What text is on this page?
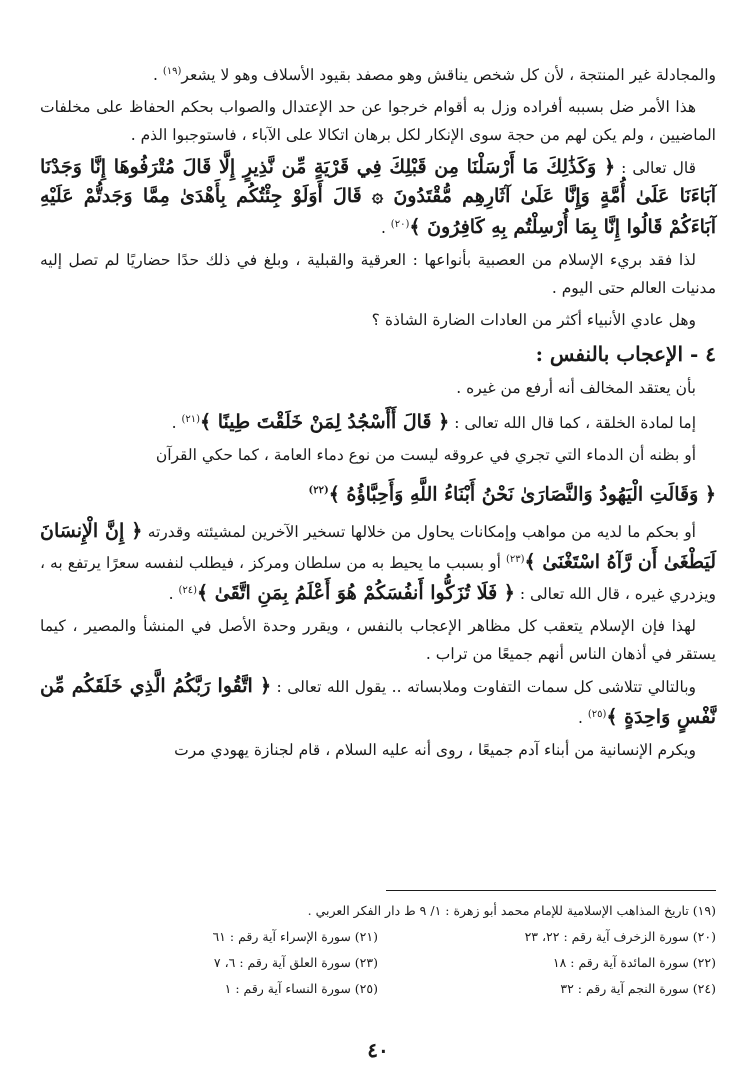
والمجادلة غير المنتجة ، لأن كل شخص يناقش وهو مصفد بقيود الأسلاف وهو لا يشعر$^{(١٩)}$ .

هذا الأمر ضل بسببه أفراده وزل به أقوام خرجوا عن حد الإعتدال والصواب بحكم الحفاظ على مخلفات الماضيين ، ولم يكن لهم من حجة سوى الإنكار لكل برهان اتكالا على الآباء ، فاستوجبوا الذم .

قال تعالى : ﴿ وَكَذَٰلِكَ مَا أَرْسَلْنَا مِن قَبْلِكَ فِي قَرْيَةٍ مِّن نَّذِيرٍ إِلَّا قَالَ مُتْرَفُوهَا إِنَّا وَجَدْنَا آبَاءَنَا عَلَىٰ أُمَّةٍ وَإِنَّا عَلَىٰ آثَارِهِم مُّقْتَدُونَ ۞ قَالَ أَوَلَوْ جِئْتُكُم بِأَهْدَىٰ مِمَّا وَجَدتُّمْ عَلَيْهِ آبَاءَكُمْ قَالُوا إِنَّا بِمَا أُرْسِلْتُم بِهِ كَافِرُونَ ﴾$^{(٢٠)}$ .

لذا فقد بريء الإسلام من العصبية بأنواعها : العرقية والقبلية ، وبلغ في ذلك حدًا حضاريًا لم تصل إليه مدنيات العالم حتى اليوم .

وهل عادي الأنبياء أكثر من العادات الضارة الشاذة ؟

٤ - الإعجاب بالنفس :

بأن يعتقد المخالف أنه أرفع من غيره .

إما لمادة الخلقة ، كما قال الله تعالى : ﴿ قَالَ أَأَسْجُدُ لِمَنْ خَلَقْتَ طِينًا ﴾$^{(٢١)}$ .

أو بظنه أن الدماء التي تجري في عروقه ليست من نوع دماء العامة ، كما حكي القرآن

﴿ وَقَالَتِ الْيَهُودُ وَالنَّصَارَىٰ نَحْنُ أَبْنَاءُ اللَّهِ وَأَحِبَّاؤُهُ ﴾$^{(٢٢)}$

أو بحكم ما لديه من مواهب وإمكانات يحاول من خلالها تسخير الآخرين لمشيئته وقدرته ﴿ إِنَّ الْإِنسَانَ لَيَطْغَىٰ أَن رَّآهُ اسْتَغْنَىٰ ﴾$^{(٢٣)}$ أو بسبب ما يحيط به من سلطان ومركز ، فيطلب لنفسه سعرًا يرتفع به ، ويزدري غيره ، قال الله تعالى : ﴿ فَلَا تُزَكُّوا أَنفُسَكُمْ هُوَ أَعْلَمُ بِمَنِ اتَّقَىٰ ﴾$^{(٢٤)}$ .

لهذا فإن الإسلام يتعقب كل مظاهر الإعجاب بالنفس ، ويقرر وحدة الأصل في المنشأ والمصير ، كيما يستقر في أذهان الناس أنهم جميعًا من تراب .

وبالتالي تتلاشى كل سمات التفاوت وملابساته .. يقول الله تعالى : ﴿ اتَّقُوا رَبَّكُمُ الَّذِي خَلَقَكُم مِّن نَّفْسٍ وَاحِدَةٍ ﴾$^{(٢٥)}$ .

ويكرم الإنسانية من أبناء آدم جميعًا ، روى أنه عليه السلام ، قام لجنازة يهودي مرت

(١٩) تاريخ المذاهب الإسلامية للإمام محمد أبو زهرة : ١/ ٩ ط دار الفكر العربي .
(٢٠) سورة الزخرف آية رقم : ٢٢، ٢٣
(٢١) سورة الإسراء آية رقم : ٦١
(٢٢) سورة المائدة آية رقم : ١٨
(٢٣) سورة العلق آية رقم : ٦، ٧
(٢٤) سورة النجم آية رقم : ٣٢
(٢٥) سورة النساء آية رقم : ١
٤٠
